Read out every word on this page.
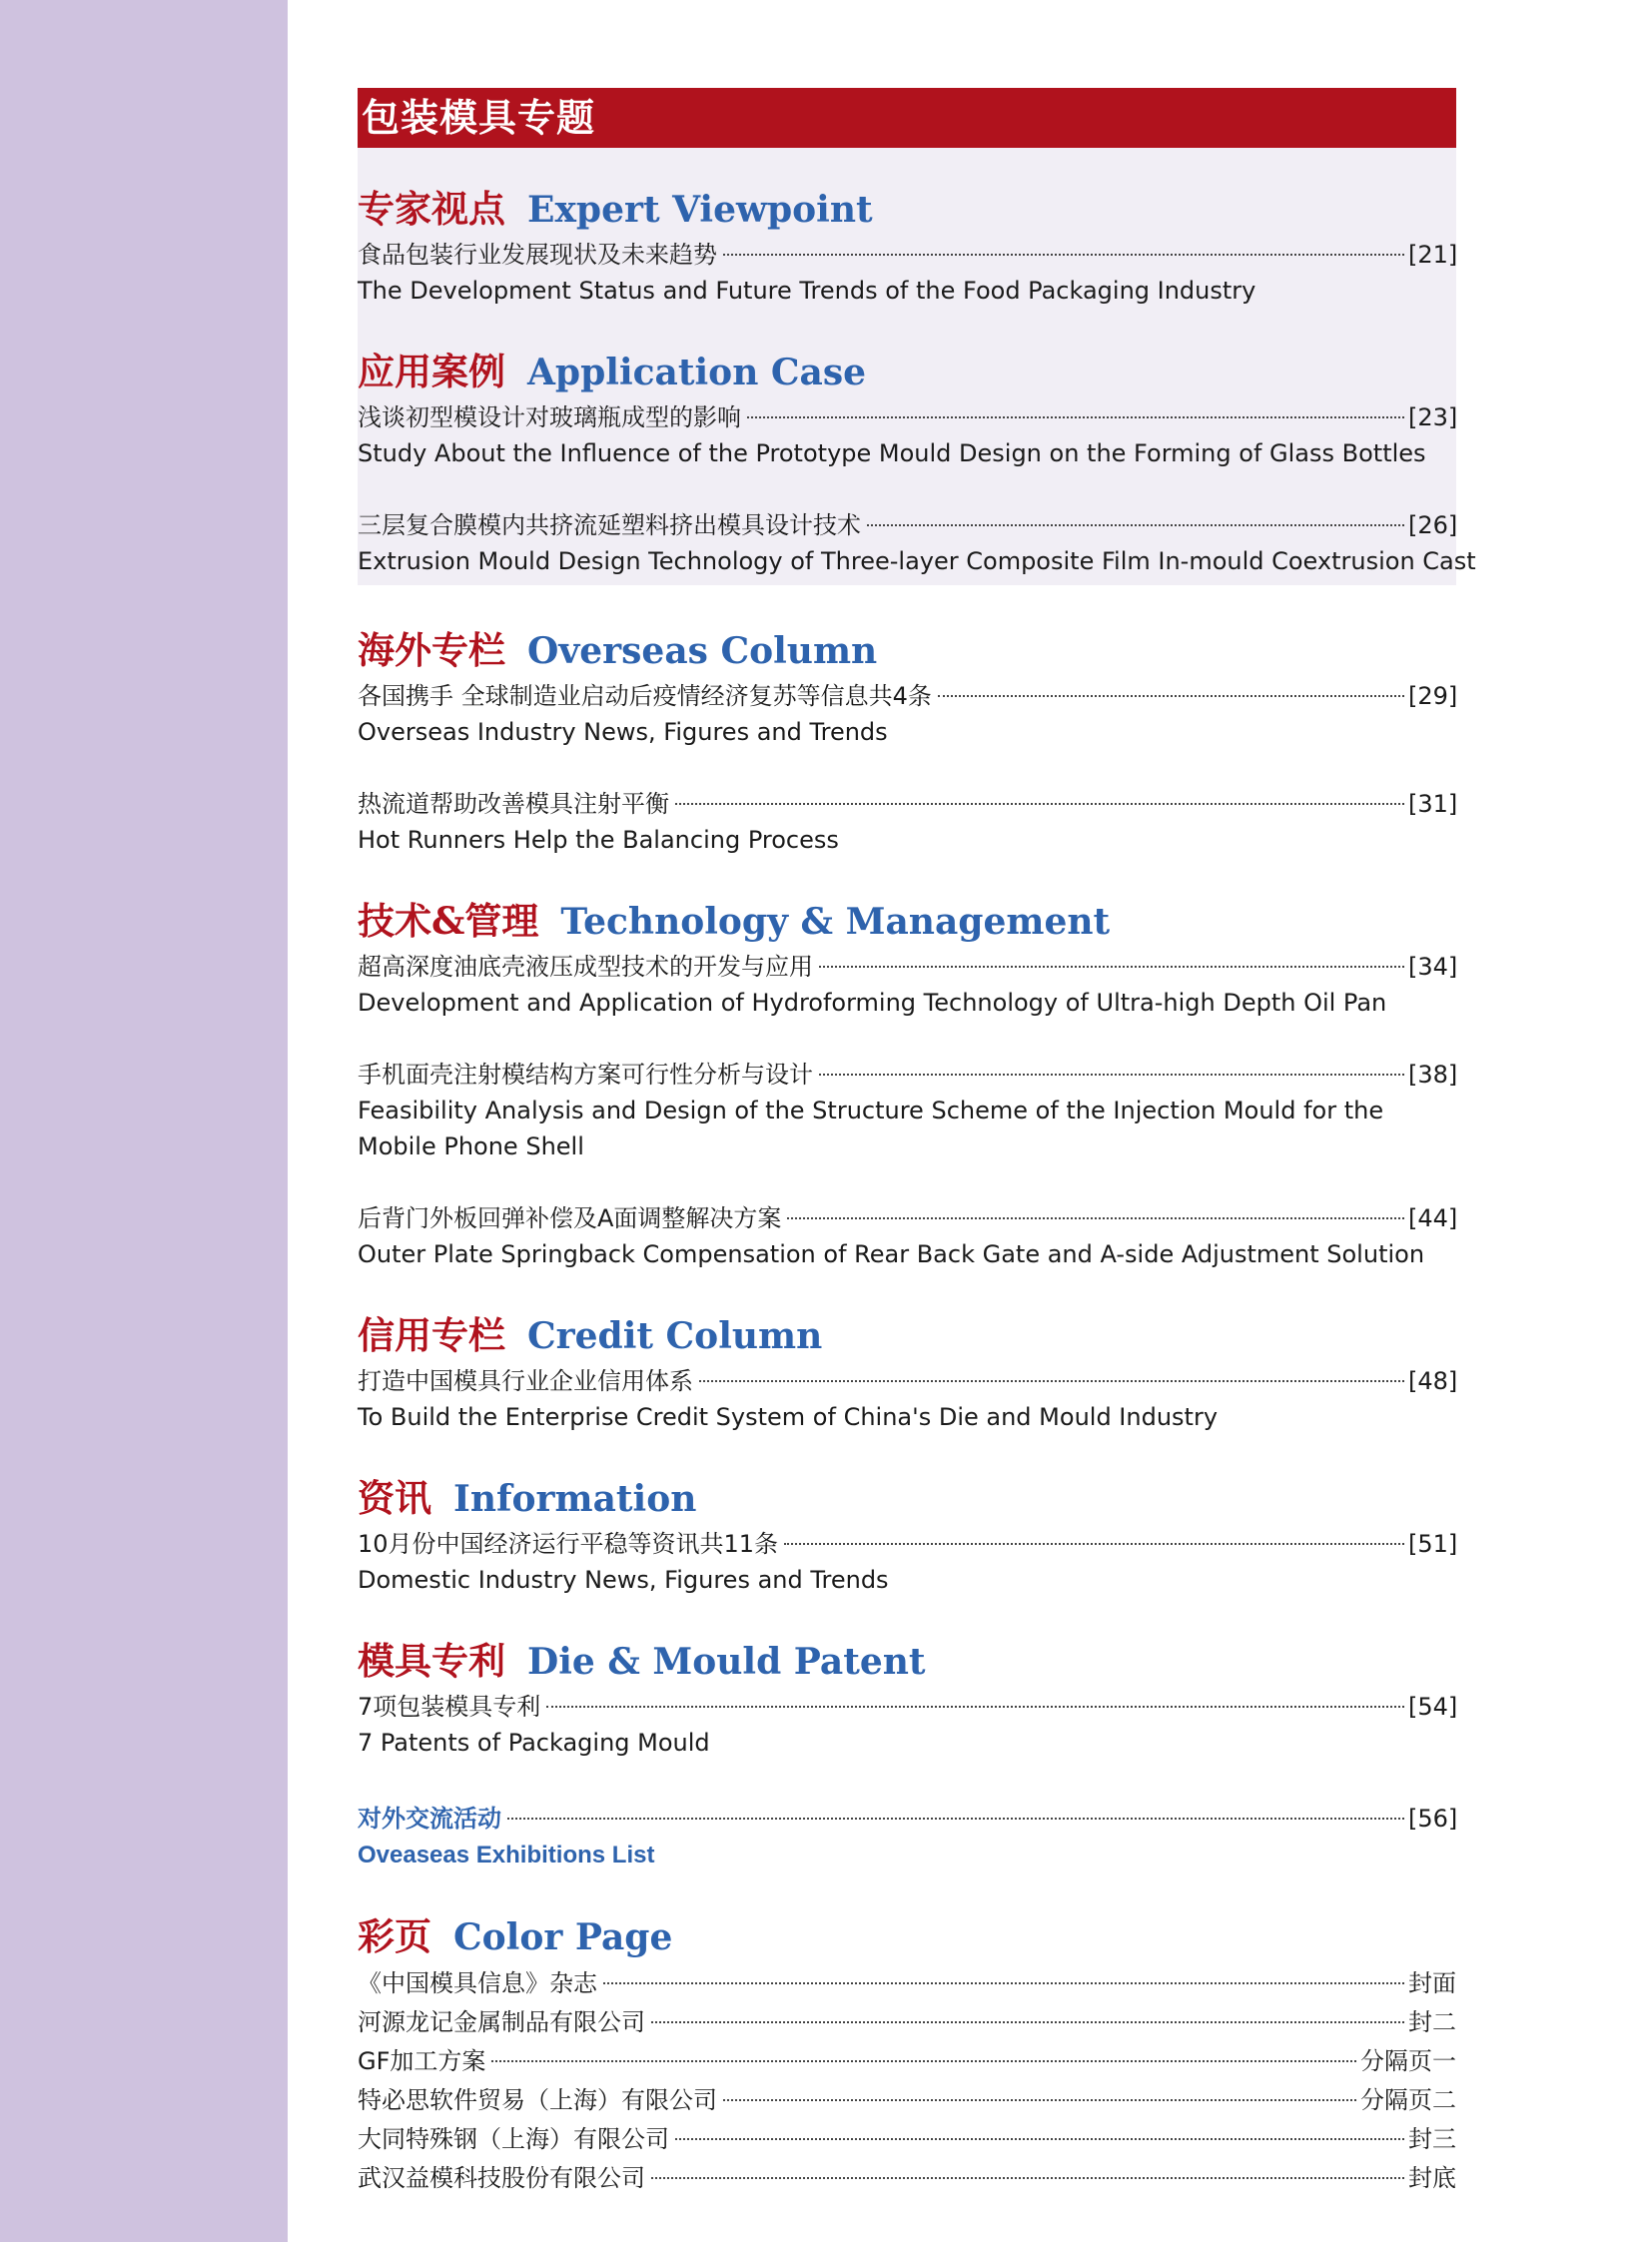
包装模具专题
专家视点 Expert Viewpoint
食品包装行业发展现状及未来趋势	[21]
The Development Status and Future Trends of the Food Packaging Industry
应用案例 Application Case
浅谈初型模设计对玻璃瓶成型的影响	[23]
Study About the Influence of the Prototype Mould Design on the Forming of Glass Bottles
三层复合膜模内共挤流延塑料挤出模具设计技术	[26]
Extrusion Mould Design Technology of Three-layer Composite Film In-mould Coextrusion Cast
海外专栏 Overseas Column
各国携手 全球制造业启动后疫情经济复苏等信息共4条	[29]
Overseas Industry News, Figures and Trends
热流道帮助改善模具注射平衡	[31]
Hot Runners Help the Balancing Process
技术&管理 Technology & Management
超高深度油底壳液压成型技术的开发与应用	[34]
Development and Application of Hydroforming Technology of Ultra-high Depth Oil Pan
手机面壳注射模结构方案可行性分析与设计	[38]
Feasibility Analysis and Design of the Structure Scheme of the Injection Mould for the Mobile Phone Shell
后背门外板回弹补偿及A面调整解决方案	[44]
Outer Plate Springback Compensation of Rear Back Gate and A-side Adjustment Solution
信用专栏 Credit Column
打造中国模具行业企业信用体系	[48]
To Build the Enterprise Credit System of China's Die and Mould Industry
资讯 Information
10月份中国经济运行平稳等资讯共11条	[51]
Domestic Industry News, Figures and Trends
模具专利 Die & Mould Patent
7项包装模具专利	[54]
7 Patents of Packaging Mould
对外交流活动	[56]
Oveaseas Exhibitions List
彩页 Color Page
《中国模具信息》杂志	封面
河源龙记金属制品有限公司	封二
GF加工方案	分隔页一
特必思软件贸易（上海）有限公司	分隔页二
大同特殊钢（上海）有限公司	封三
武汉益模科技股份有限公司	封底
